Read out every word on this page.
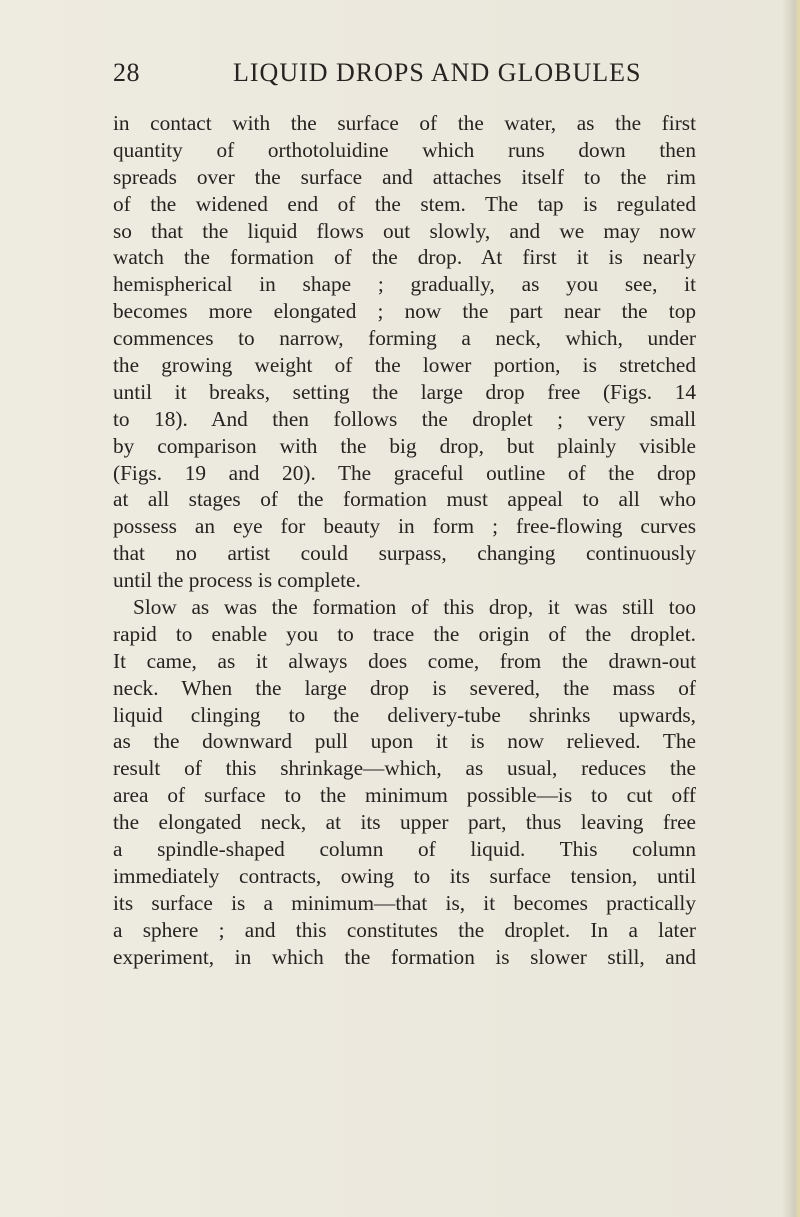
28	LIQUID DROPS AND GLOBULES
in contact with the surface of the water, as the first
quantity of orthotoluidine which runs down then
spreads over the surface and attaches itself to the rim
of the widened end of the stem. The tap is regulated
so that the liquid flows out slowly, and we may now
watch the formation of the drop. At first it is nearly
hemispherical in shape ; gradually, as you see, it
becomes more elongated ; now the part near the top
commences to narrow, forming a neck, which, under
the growing weight of the lower portion, is stretched
until it breaks, setting the large drop free (Figs. 14
to 18). And then follows the droplet ; very small
by comparison with the big drop, but plainly visible
(Figs. 19 and 20). The graceful outline of the drop
at all stages of the formation must appeal to all who
possess an eye for beauty in form ; free-flowing curves
that no artist could surpass, changing continuously
until the process is complete.
Slow as was the formation of this drop, it was still too
rapid to enable you to trace the origin of the droplet.
It came, as it always does come, from the drawn-out
neck. When the large drop is severed, the mass of
liquid clinging to the delivery-tube shrinks upwards,
as the downward pull upon it is now relieved. The
result of this shrinkage—which, as usual, reduces the
area of surface to the minimum possible—is to cut off
the elongated neck, at its upper part, thus leaving free
a spindle-shaped column of liquid. This column
immediately contracts, owing to its surface tension, until
its surface is a minimum—that is, it becomes practically
a sphere ; and this constitutes the droplet. In a later
experiment, in which the formation is slower still, and
